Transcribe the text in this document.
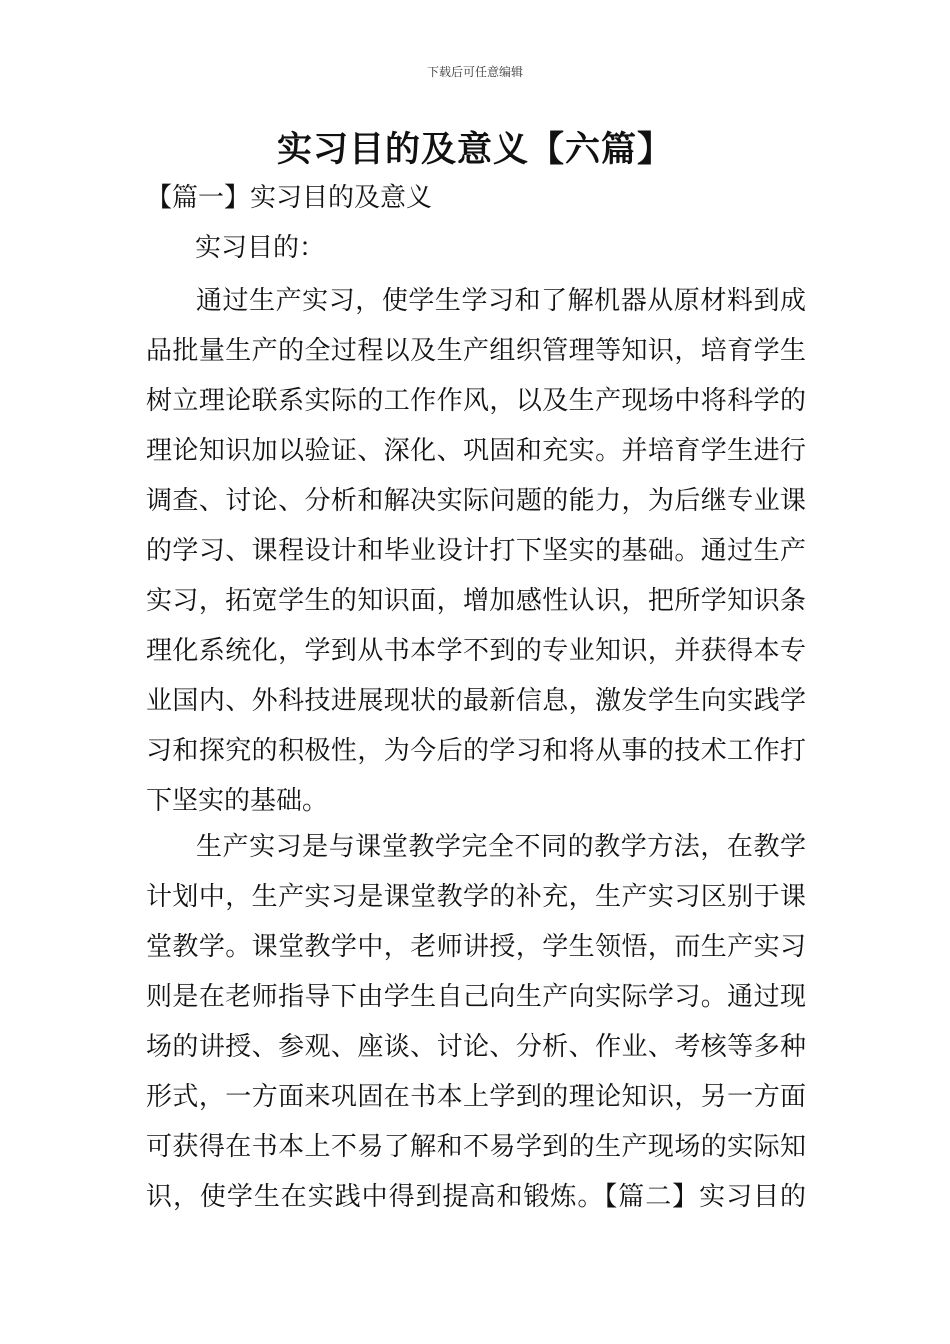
下载后可任意编辑
实习目的及意义【六篇】
【篇一】实习目的及意义
实习目的：
通过生产实习，使学生学习和了解机器从原材料到成
品批量生产的全过程以及生产组织管理等知识，培育学生
树立理论联系实际的工作作风，以及生产现场中将科学的
理论知识加以验证、深化、巩固和充实。并培育学生进行
调查、讨论、分析和解决实际问题的能力，为后继专业课
的学习、课程设计和毕业设计打下坚实的基础。通过生产
实习，拓宽学生的知识面，增加感性认识，把所学知识条
理化系统化，学到从书本学不到的专业知识，并获得本专
业国内、外科技进展现状的最新信息，激发学生向实践学
习和探究的积极性，为今后的学习和将从事的技术工作打
下坚实的基础。
生产实习是与课堂教学完全不同的教学方法，在教学
计划中，生产实习是课堂教学的补充，生产实习区别于课
堂教学。课堂教学中，老师讲授，学生领悟，而生产实习
则是在老师指导下由学生自己向生产向实际学习。通过现
场的讲授、参观、座谈、讨论、分析、作业、考核等多种
形式，一方面来巩固在书本上学到的理论知识，另一方面
可获得在书本上不易了解和不易学到的生产现场的实际知
识，使学生在实践中得到提高和锻炼。【篇二】实习目的
